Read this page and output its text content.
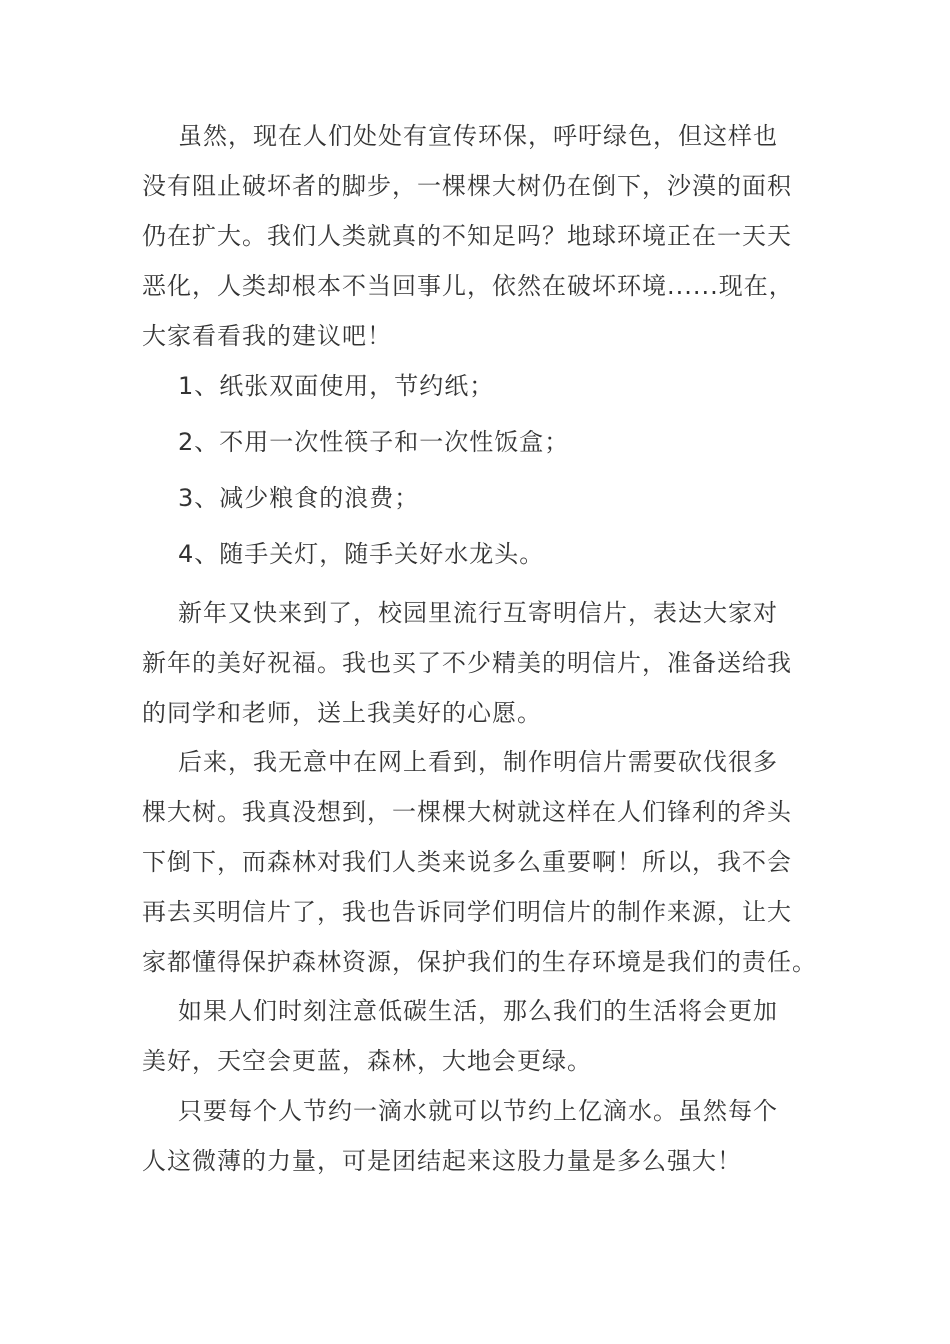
虽然，现在人们处处有宣传环保，呼吁绿色，但这样也
没有阻止破坏者的脚步，一棵棵大树仍在倒下，沙漠的面积
仍在扩大。我们人类就真的不知足吗？地球环境正在一天天
恶化，人类却根本不当回事儿，依然在破坏环境......现在，
大家看看我的建议吧！

1、纸张双面使用，节约纸；

2、不用一次性筷子和一次性饭盒；

3、减少粮食的浪费；

4、随手关灯，随手关好水龙头。

新年又快来到了，校园里流行互寄明信片，表达大家对
新年的美好祝福。我也买了不少精美的明信片，准备送给我
的同学和老师，送上我美好的心愿。

后来，我无意中在网上看到，制作明信片需要砍伐很多
棵大树。我真没想到，一棵棵大树就这样在人们锋利的斧头
下倒下，而森林对我们人类来说多么重要啊！所以，我不会
再去买明信片了，我也告诉同学们明信片的制作来源，让大
家都懂得保护森林资源，保护我们的生存环境是我们的责任。

如果人们时刻注意低碳生活，那么我们的生活将会更加
美好，天空会更蓝，森林，大地会更绿。

只要每个人节约一滴水就可以节约上亿滴水。虽然每个
人这微薄的力量，可是团结起来这股力量是多么强大！
